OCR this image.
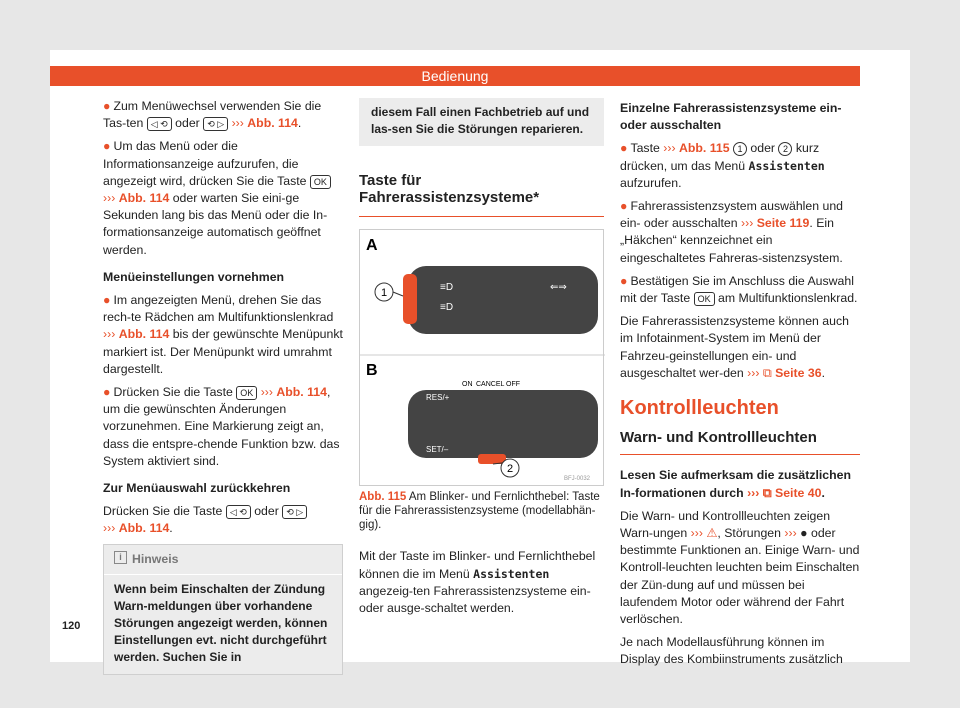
Bedienung

● Zum Menüwechsel verwenden Sie die Tas-ten ◁ ⟲ oder ⟲ ▷ ››› Abb. 114.

● Um das Menü oder die Informationsanzeige aufzurufen, die angezeigt wird, drücken Sie die Taste OK ››› Abb. 114 oder warten Sie eini-ge Sekunden lang bis das Menü oder die In-formationsanzeige automatisch geöffnet werden.

Menüeinstellungen vornehmen

● Im angezeigten Menü, drehen Sie das rech-te Rädchen am Multifunktionslenkrad ››› Abb. 114 bis der gewünschte Menüpunkt markiert ist. Der Menüpunkt wird umrahmt dargestellt.

● Drücken Sie die Taste OK ››› Abb. 114, um die gewünschten Änderungen vorzunehmen. Eine Markierung zeigt an, dass die entspre-chende Funktion bzw. das System aktiviert sind.

Zur Menüauswahl zurückkehren

Drücken Sie die Taste ◁ ⟲ oder ⟲ ▷
››› Abb. 114.

i Hinweis
Wenn beim Einschalten der Zündung Warn-meldungen über vorhandene Störungen angezeigt werden, können Einstellungen evt. nicht durchgeführt werden. Suchen Sie in
diesem Fall einen Fachbetrieb auf und las-sen Sie die Störungen reparieren.
Taste für Fahrerassistenzsysteme*
A
B
1	≡D
≡D
⇐⇒
RES/+
SET/–
ON CANCEL OFF
2
BFJ-0032
Abb. 115 Am Blinker- und Fernlichthebel: Taste für die Fahrerassistenzsysteme (modellabhän-gig).

Mit der Taste im Blinker- und Fernlichthebel können die im Menü Assistenten angezeig-ten Fahrerassistenzsysteme ein- oder ausge-schaltet werden.

Einzelne Fahrerassistenzsysteme ein- oder ausschalten

● Taste ››› Abb. 115 1 oder 2 kurz drücken, um das Menü Assistenten aufzurufen.

● Fahrerassistenzsystem auswählen und ein- oder ausschalten ››› Seite 119. Ein „Häkchen“ kennzeichnet ein eingeschaltetes Fahreras-sistenzsystem.

● Bestätigen Sie im Anschluss die Auswahl mit der Taste OK am Multifunktionslenkrad.

Die Fahrerassistenzsysteme können auch im Infotainment-System im Menü der Fahrzeu-geinstellungen ein- und ausgeschaltet wer-den ››› ⧉ Seite 36.

Kontrollleuchten
Warn- und Kontrollleuchten

Lesen Sie aufmerksam die zusätzlichen In-formationen durch ››› ⧉ Seite 40.

Die Warn- und Kontrollleuchten zeigen Warn-ungen ››› ⚠, Störungen ››› ● oder bestimmte Funktionen an. Einige Warn- und Kontroll-leuchten leuchten beim Einschalten der Zün-dung auf und müssen bei laufendem Motor oder während der Fahrt verlöschen.

Je nach Modellausführung können im Display des Kombiinstruments zusätzlich

120
